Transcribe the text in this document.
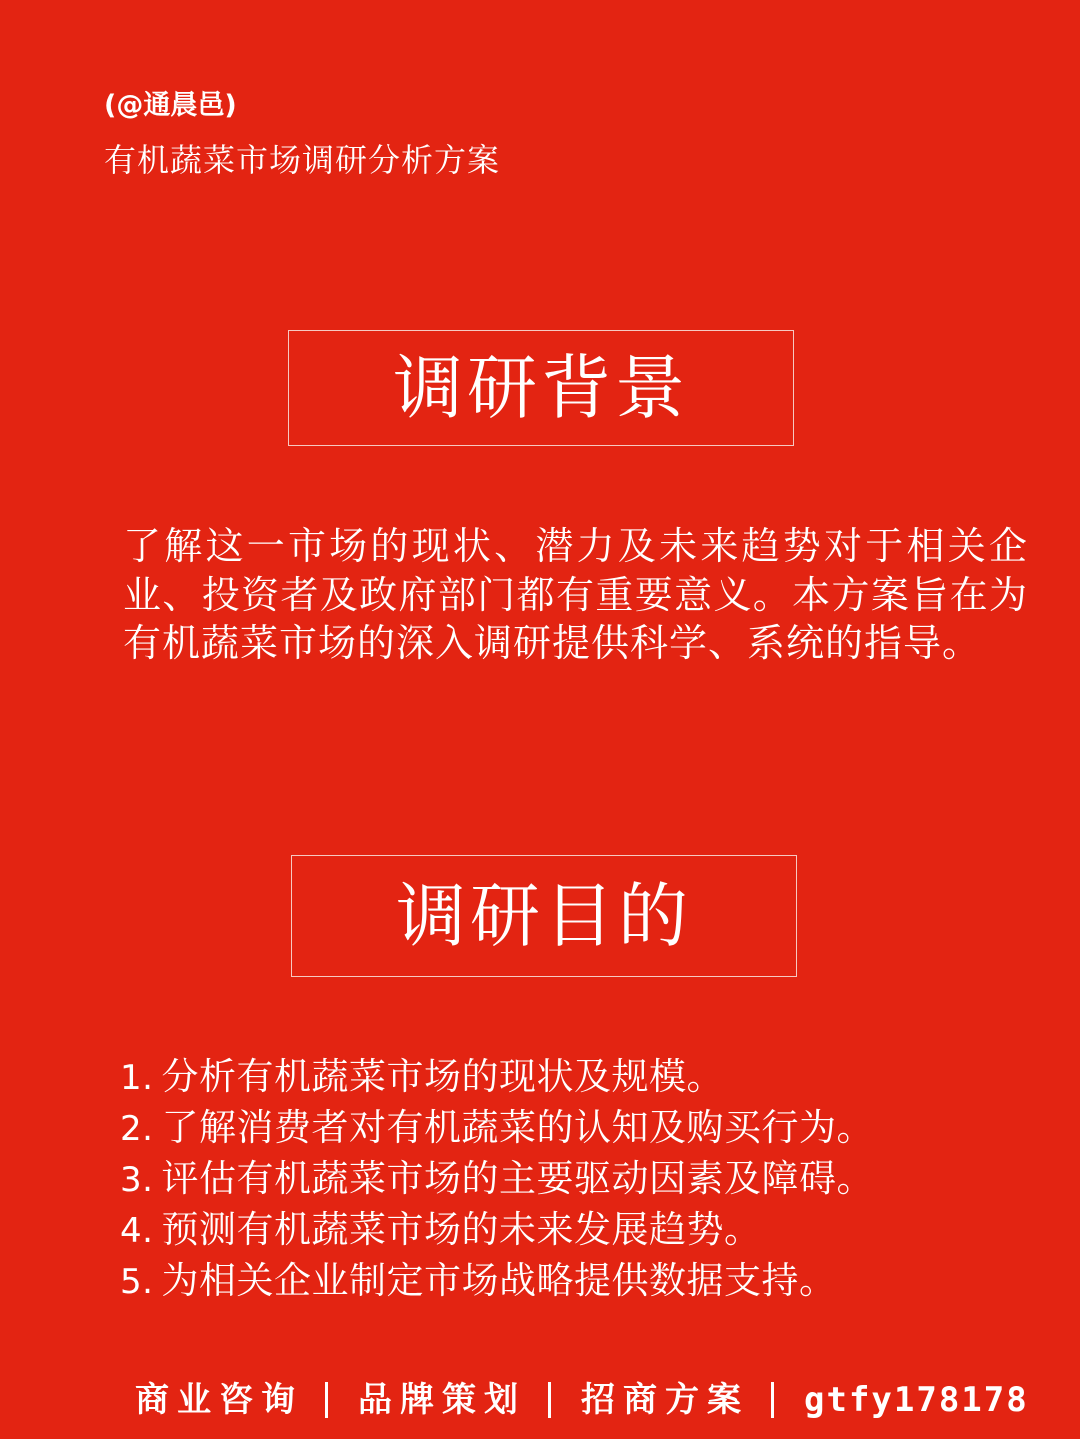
(@通晨邑)
有机蔬菜市场调研分析方案
调研背景

了解这一市场的现状、潜力及未来趋势对于相关企业、投资者及政府部门都有重要意义。本方案旨在为有机蔬菜市场的深入调研提供科学、系统的指导。

调研目的
1. 分析有机蔬菜市场的现状及规模。
2. 了解消费者对有机蔬菜的认知及购买行为。
3. 评估有机蔬菜市场的主要驱动因素及障碍。
4. 预测有机蔬菜市场的未来发展趋势。
5. 为相关企业制定市场战略提供数据支持。
商业咨询 品牌策划 招商方案 gtfy178178
